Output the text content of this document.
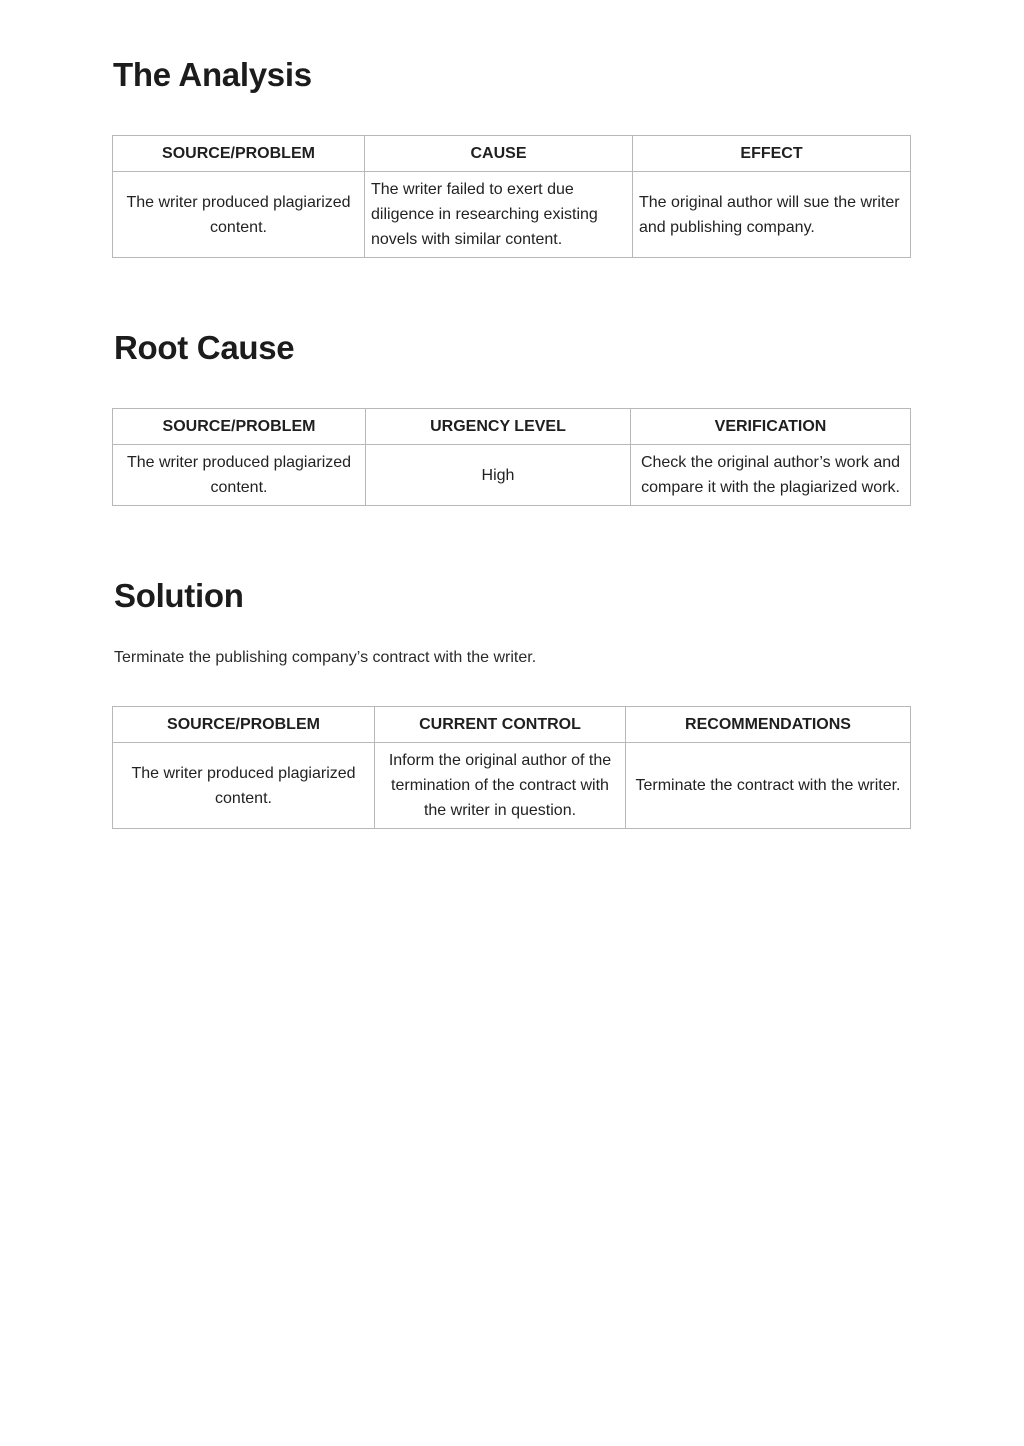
The Analysis
SOURCE/PROBLEM	CAUSE	EFFECT
The writer produced plagiarized content.	The writer failed to exert due diligence in researching existing novels with similar content.	The original author will sue the writer and publishing company.
Root Cause
SOURCE/PROBLEM	URGENCY LEVEL	VERIFICATION
The writer produced plagiarized content.	High	Check the original author’s work and compare it with the plagiarized work.
Solution

Terminate the publishing company’s contract with the writer.

SOURCE/PROBLEM	CURRENT CONTROL	RECOMMENDATIONS
The writer produced plagiarized content.	Inform the original author of the termination of the contract with the writer in question.	Terminate the contract with the writer.
